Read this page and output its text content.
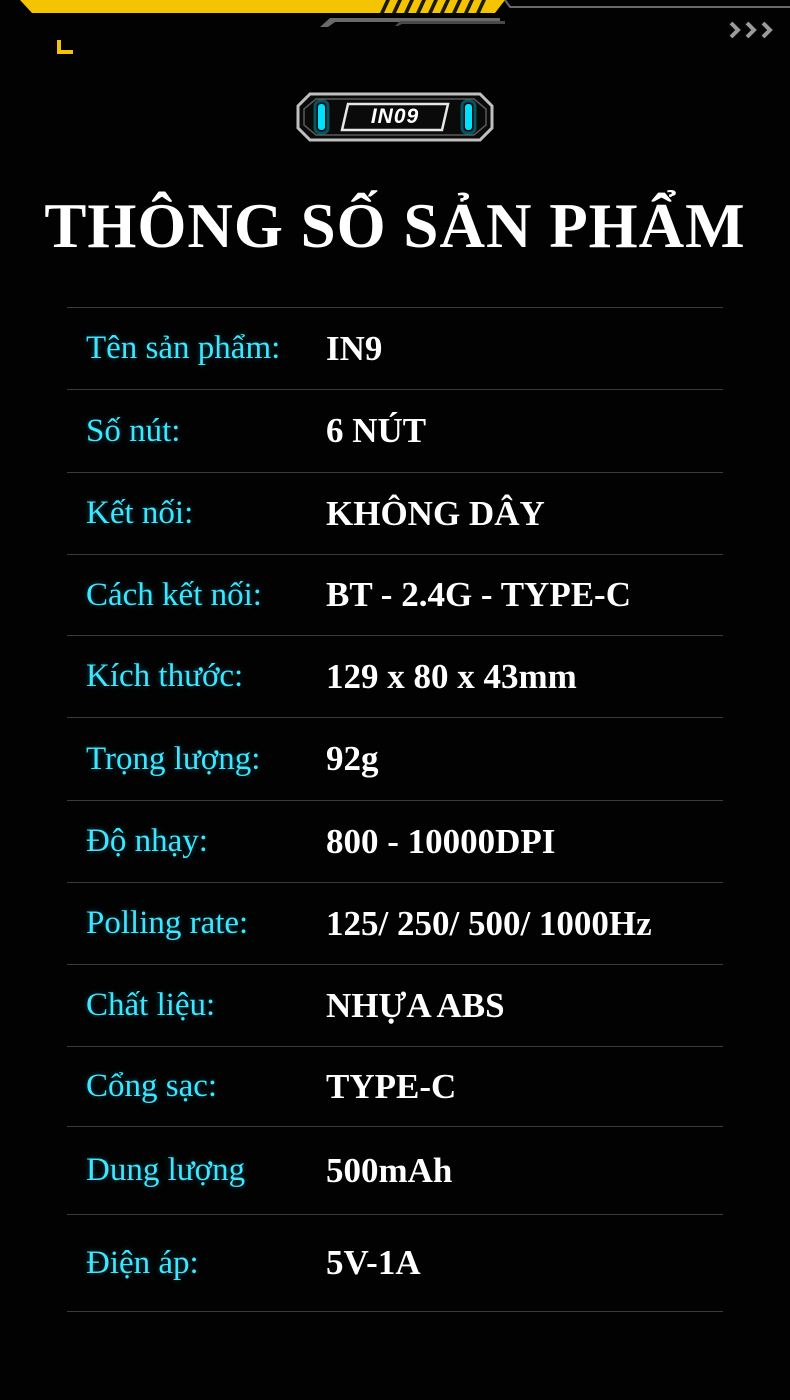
IN09
THÔNG SỐ SẢN PHẨM
Tên sản phẩm:	IN9
Số nút:	6 NÚT
Kết nối:	KHÔNG DÂY
Cách kết nối:	BT - 2.4G - TYPE-C
Kích thước:	129 x 80 x 43mm
Trọng lượng:	92g
Độ nhạy:	800 - 10000DPI
Polling rate:	125/ 250/ 500/ 1000Hz
Chất liệu:	NHỰA ABS
Cổng sạc:	TYPE-C
Dung lượng	500mAh
Điện áp:	5V-1A
